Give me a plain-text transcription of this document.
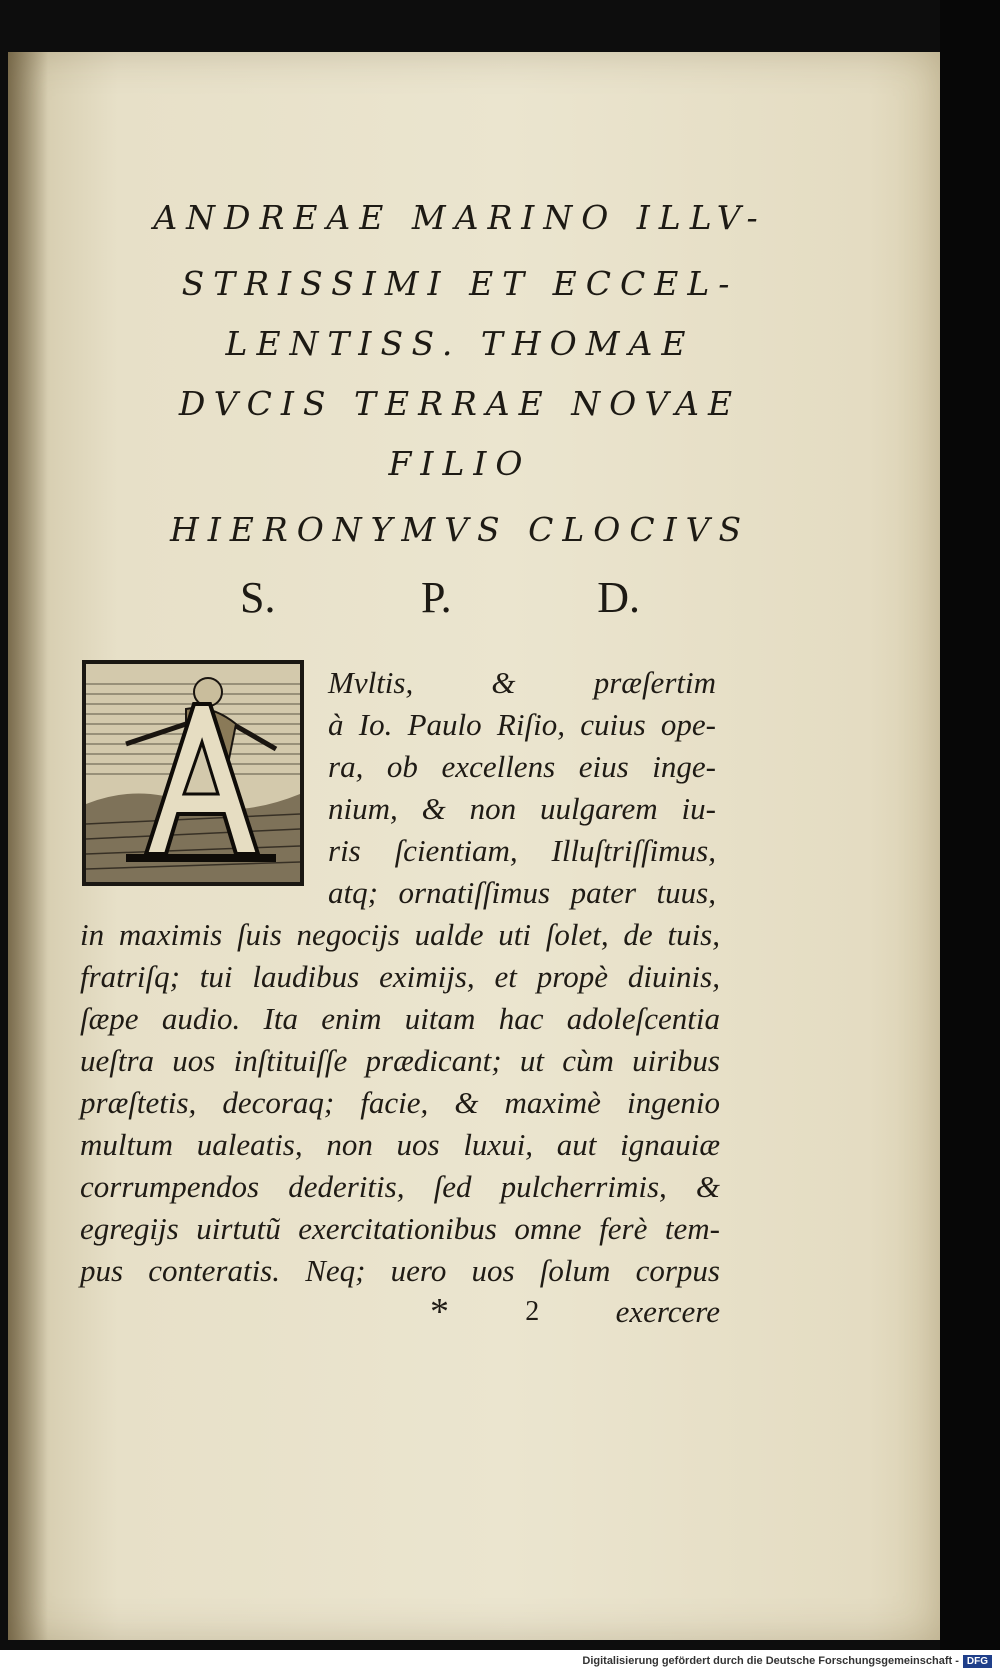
ANDREAE MARINO ILLV-
STRISSIMI ET ECCEL-
LENTISS. THOMAE
DVCIS TERRAE NOVAE
FILIO
HIERONYMVS CLOCIVS
S.	P.	D.
Mvltis, & præſertim
à Io. Paulo Riſio, cuius ope-
ra, ob excellens eius inge-
nium, & non uulgarem iu-
ris ſcientiam, Illuſtriſſimus,
atq; ornatiſſimus pater tuus,
in maximis ſuis negocijs ualde uti ſolet, de tuis,
fratriſq; tui laudibus eximijs, et propè diuinis,
ſæpe audio. Ita enim uitam hac adoleſcentia
ueſtra uos inſtituiſſe prædicant; ut cùm uiribus
præſtetis, decoraq; facie, & maximè ingenio
multum ualeatis, non uos luxui, aut ignauiæ
corrumpendos dederitis, ſed pulcherrimis, &
egregijs uirtutũ exercitationibus omne ferè tem-
pus conteratis. Neq; uero uos ſolum corpus
*	2 exercere
Digitalisierung gefördert durch die Deutsche Forschungsgemeinschaft - DFG
